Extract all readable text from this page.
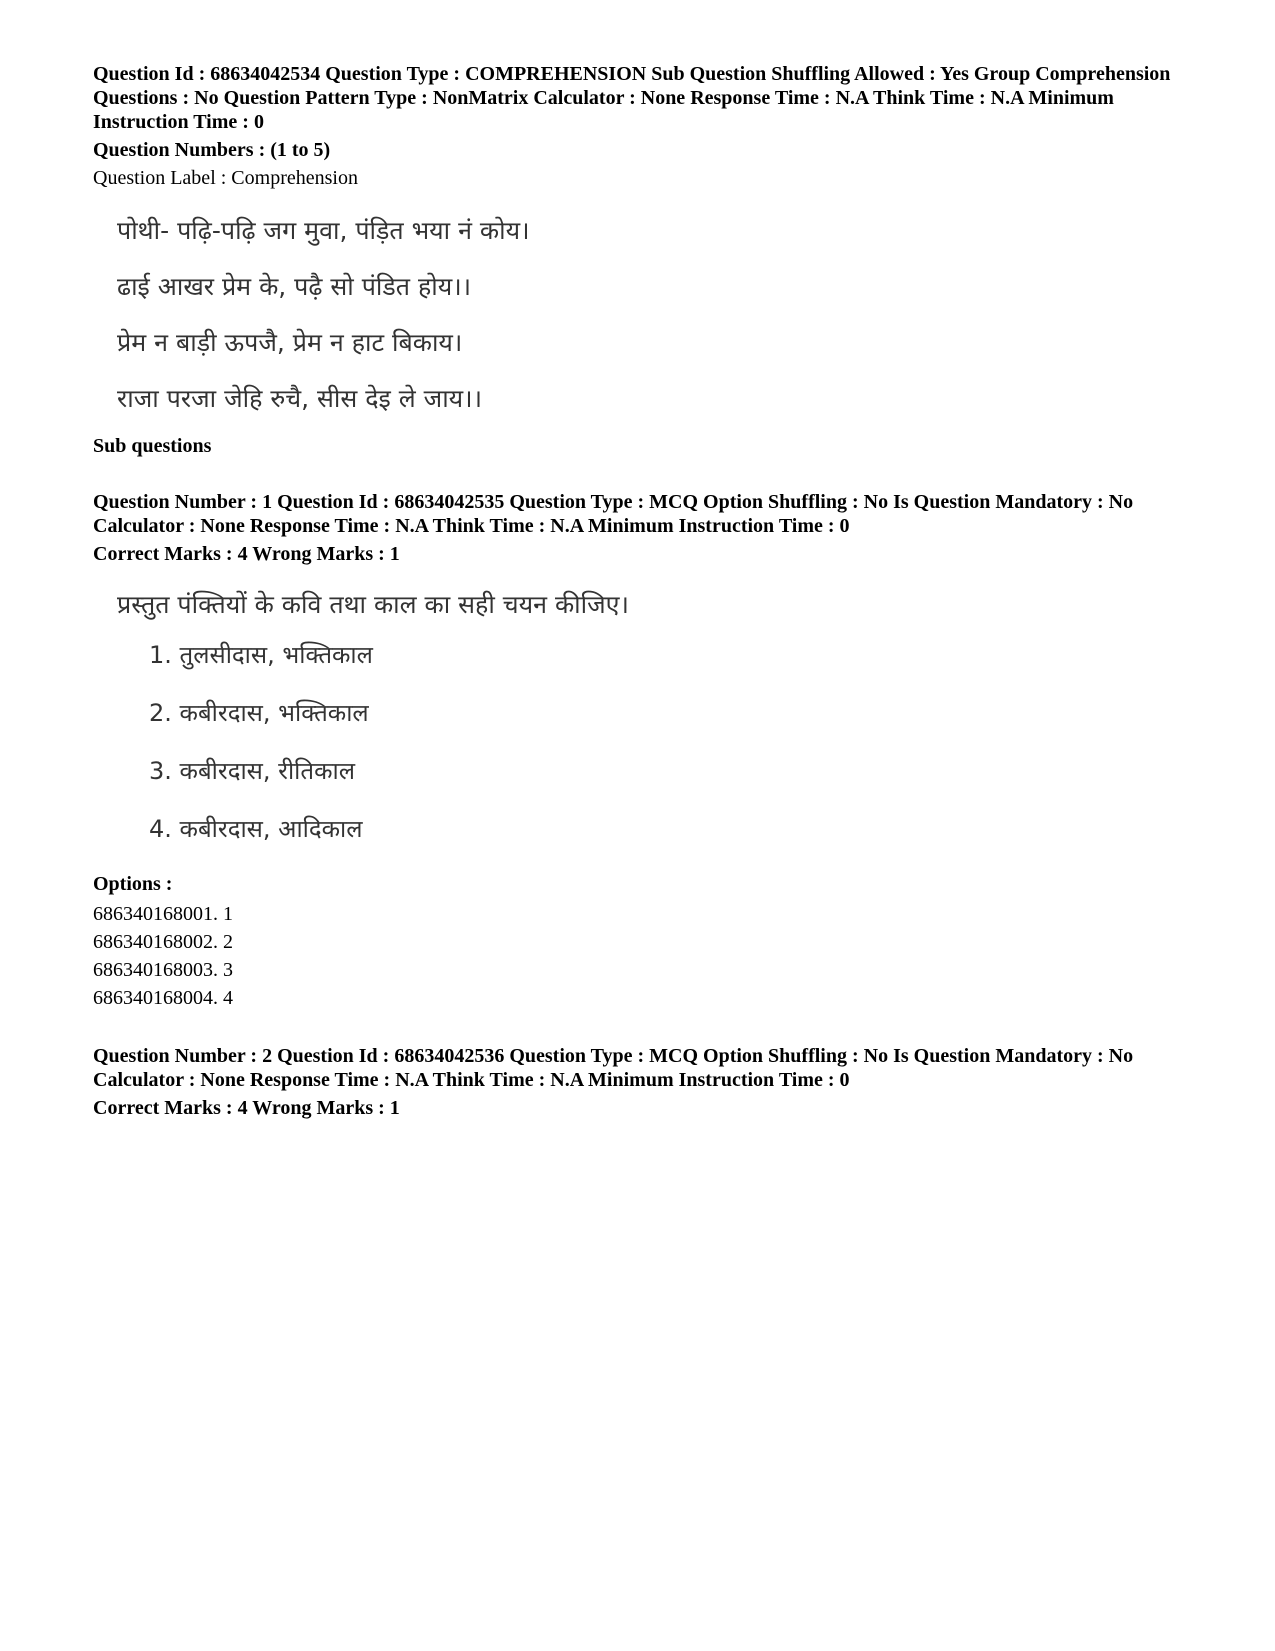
Question Id : 68634042534 Question Type : COMPREHENSION Sub Question Shuffling Allowed : Yes Group Comprehension Questions : No Question Pattern Type : NonMatrix Calculator : None Response Time : N.A Think Time : N.A Minimum Instruction Time : 0

Question Numbers : (1 to 5)

Question Label : Comprehension

पोथी- पढ़ि-पढ़ि जग मुवा, पंड़ित भया नं कोय।
ढाई आखर प्रेम के, पढ़ै सो पंडित होय।।
प्रेम न बाड़ी ऊपजै, प्रेम न हाट बिकाय।
राजा परजा जेहि रुचै, सीस देइ ले जाय।।

Sub questions

Question Number : 1 Question Id : 68634042535 Question Type : MCQ Option Shuffling : No Is Question Mandatory : No Calculator : None Response Time : N.A Think Time : N.A Minimum Instruction Time : 0

Correct Marks : 4 Wrong Marks : 1

प्रस्तुत पंक्तियों के कवि तथा काल का सही चयन कीजिए।
1. तुलसीदास, भक्तिकाल
2. कबीरदास, भक्तिकाल
3. कबीरदास, रीतिकाल
4. कबीरदास, आदिकाल

Options :

686340168001. 1

686340168002. 2

686340168003. 3

686340168004. 4

Question Number : 2 Question Id : 68634042536 Question Type : MCQ Option Shuffling : No Is Question Mandatory : No Calculator : None Response Time : N.A Think Time : N.A Minimum Instruction Time : 0

Correct Marks : 4 Wrong Marks : 1
